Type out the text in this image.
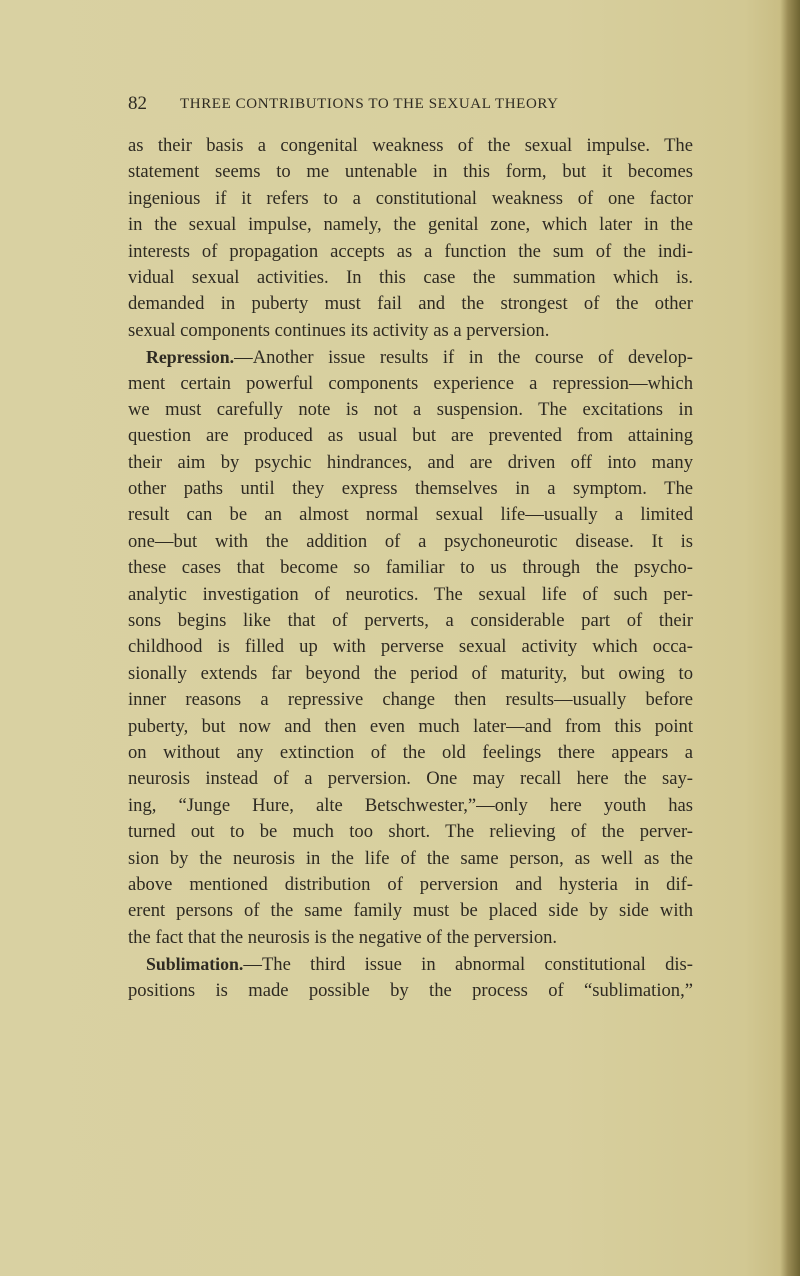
82 THREE CONTRIBUTIONS TO THE SEXUAL THEORY
as their basis a congenital weakness of the sexual impulse. The
statement seems to me untenable in this form, but it becomes
ingenious if it refers to a constitutional weakness of one factor
in the sexual impulse, namely, the genital zone, which later in the
interests of propagation accepts as a function the sum of the indi-
vidual sexual activities. In this case the summation which is.
demanded in puberty must fail and the strongest of the other
sexual components continues its activity as a perversion.
Repression.—Another issue results if in the course of develop-
ment certain powerful components experience a repression—which
we must carefully note is not a suspension. The excitations in
question are produced as usual but are prevented from attaining
their aim by psychic hindrances, and are driven off into many
other paths until they express themselves in a symptom. The
result can be an almost normal sexual life—usually a limited
one—but with the addition of a psychoneurotic disease. It is
these cases that become so familiar to us through the psycho-
analytic investigation of neurotics. The sexual life of such per-
sons begins like that of perverts, a considerable part of their
childhood is filled up with perverse sexual activity which occa-
sionally extends far beyond the period of maturity, but owing to
inner reasons a repressive change then results—usually before
puberty, but now and then even much later—and from this point
on without any extinction of the old feelings there appears a
neurosis instead of a perversion. One may recall here the say-
ing, “Junge Hure, alte Betschwester,”—only here youth has
turned out to be much too short. The relieving of the perver-
sion by the neurosis in the life of the same person, as well as the
above mentioned distribution of perversion and hysteria in dif-
erent persons of the same family must be placed side by side with
the fact that the neurosis is the negative of the perversion.
Sublimation.—The third issue in abnormal constitutional dis-
positions is made possible by the process of “sublimation,”
